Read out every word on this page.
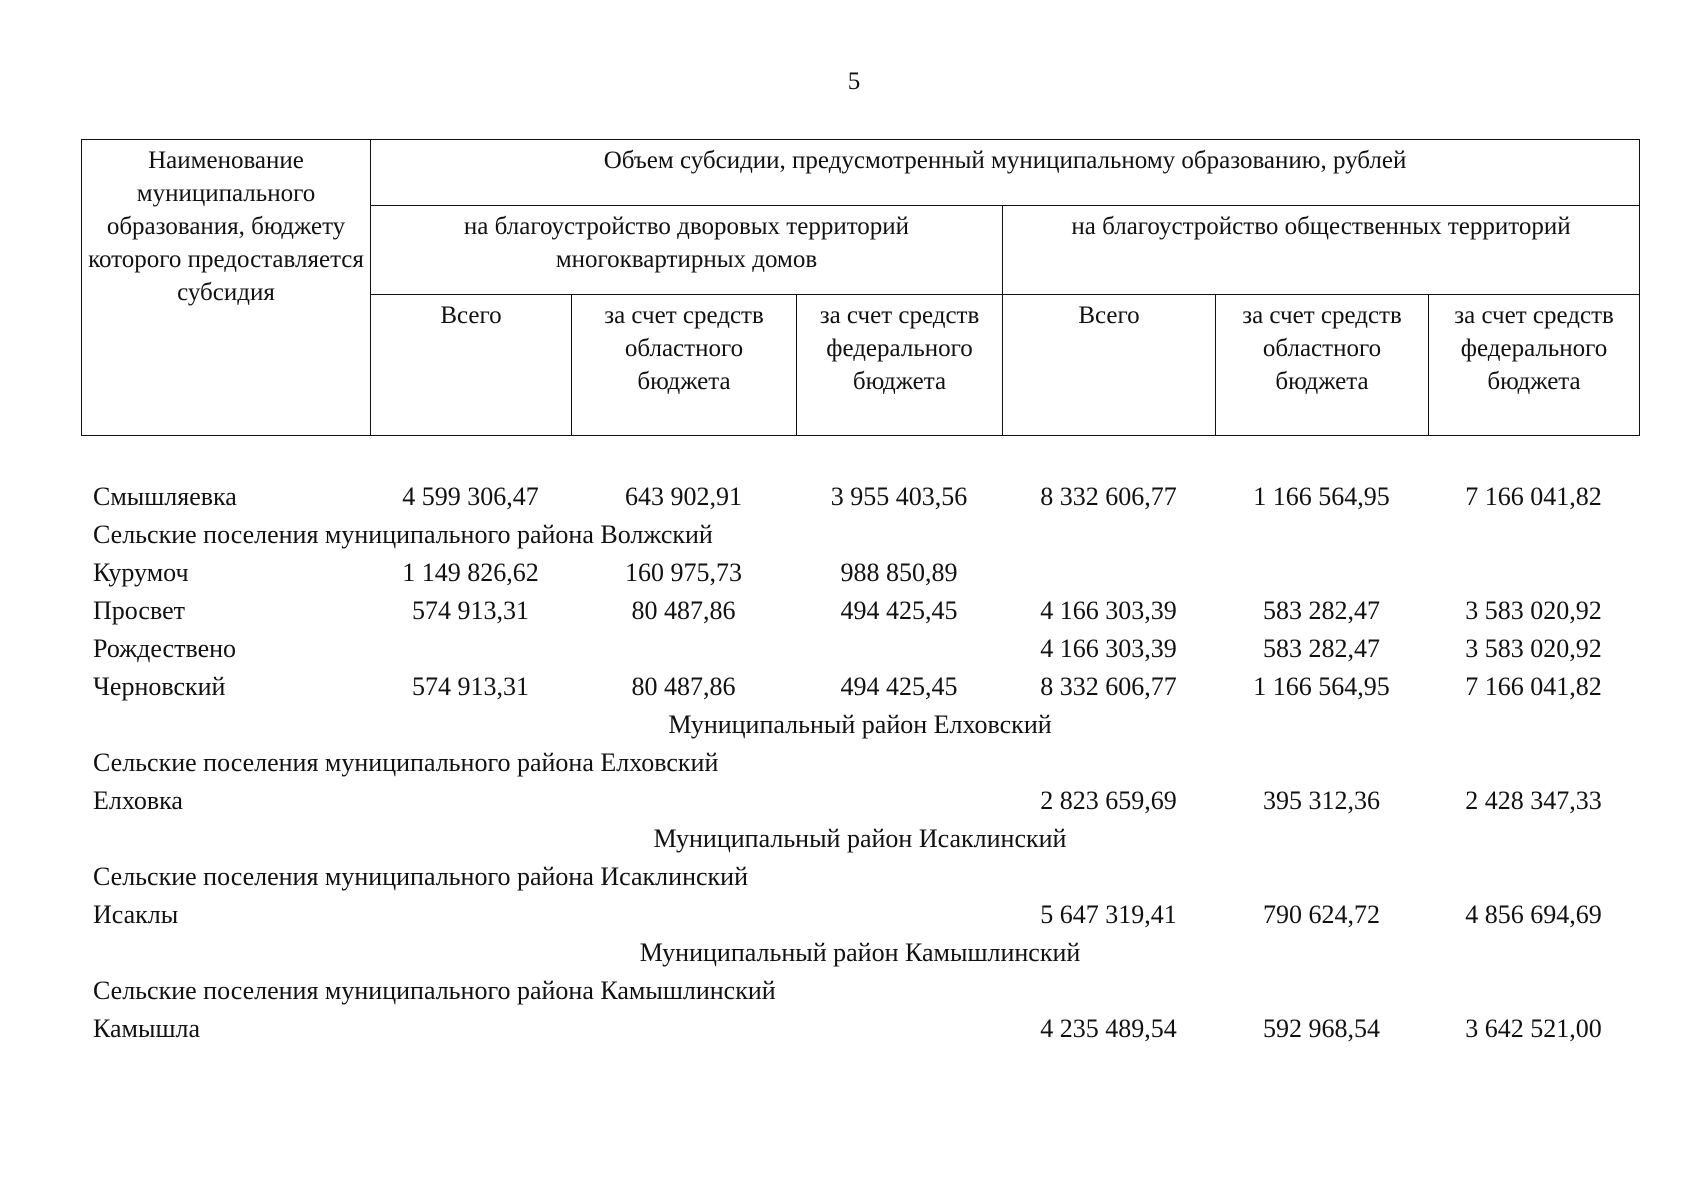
5
Наименование муниципального образования, бюджету которого предоставляется субсидия	Объем субсидии, предусмотренный муниципальному образованию, рублей					
	на благоустройство дворовых территорий многоквартирных домов			на благоустройство общественных территорий		
	Всего	за счет средств областного бюджета	за счет средств федерального бюджета	Всего	за счет средств областного бюджета	за счет средств федерального бюджета
Смышляевка	4 599 306,47	643 902,91	3 955 403,56	8 332 606,77	1 166 564,95	7 166 041,82
Сельские поселения муниципального района Волжский						
Курумоч	1 149 826,62	160 975,73	988 850,89			
Просвет	574 913,31	80 487,86	494 425,45	4 166 303,39	583 282,47	3 583 020,92
Рождествено				4 166 303,39	583 282,47	3 583 020,92
Черновский	574 913,31	80 487,86	494 425,45	8 332 606,77	1 166 564,95	7 166 041,82
Муниципальный район Елховский						
Сельские поселения муниципального района Елховский						
Елховка				2 823 659,69	395 312,36	2 428 347,33
Муниципальный район Исаклинский						
Сельские поселения муниципального района Исаклинский						
Исаклы				5 647 319,41	790 624,72	4 856 694,69
Муниципальный район Камышлинский						
Сельские поселения муниципального района Камышлинский						
Камышла				4 235 489,54	592 968,54	3 642 521,00
